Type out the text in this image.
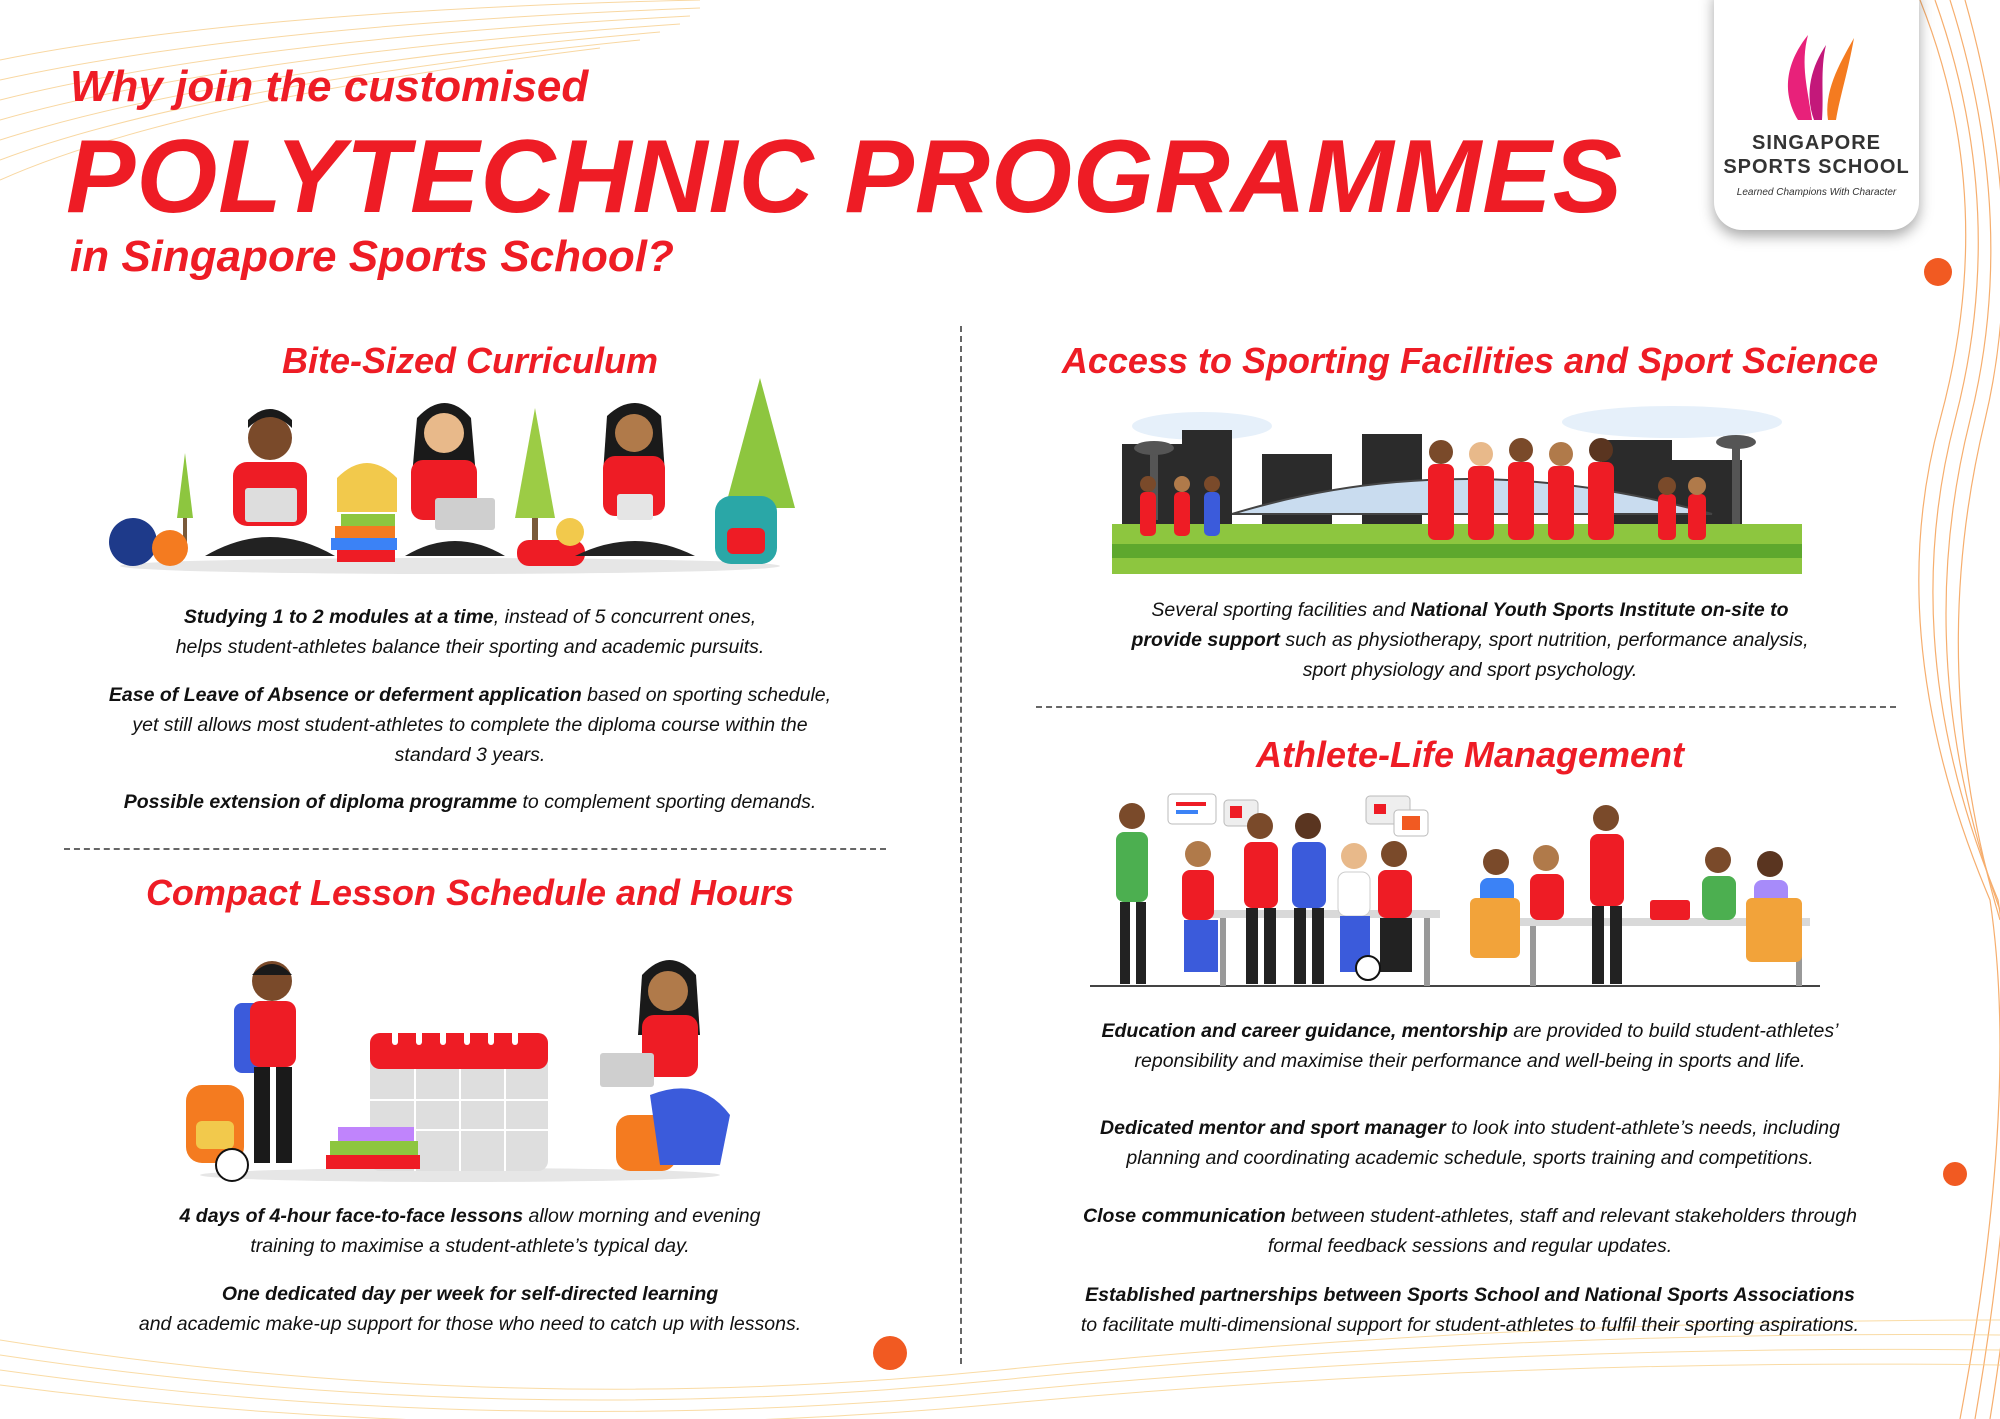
Why join the customised
POLYTECHNIC PROGRAMMES
in Singapore Sports School?

SINGAPORE

SPORTS SCHOOL

Learned Champions With Character

Bite-Sized Curriculum

Studying 1 to 2 modules at a time, instead of 5 concurrent ones,
helps student-athletes balance their sporting and academic pursuits.

Ease of Leave of Absence or deferment application based on sporting schedule,
yet still allows most student-athletes to complete the diploma course within the
standard 3 years.

Possible extension of diploma programme to complement sporting demands.

Compact Lesson Schedule and Hours

4 days of 4-hour face-to-face lessons allow morning and evening
training to maximise a student-athlete’s typical day.

One dedicated day per week for self-directed learning
and academic make-up support for those who need to catch up with lessons.

Access to Sporting Facilities and Sport Science

Several sporting facilities and National Youth Sports Institute on-site to
provide support such as physiotherapy, sport nutrition, performance analysis,
sport physiology and sport psychology.

Athlete-Life Management

Education and career guidance, mentorship are provided to build student-athletes’
reponsibility and maximise their performance and well-being in sports and life.

Dedicated mentor and sport manager to look into student-athlete’s needs, including
planning and coordinating academic schedule, sports training and competitions.

Close communication between student-athletes, staff and relevant stakeholders through
formal feedback sessions and regular updates.

Established partnerships between Sports School and National Sports Associations
to facilitate multi-dimensional support for student-athletes to fulfil their sporting aspirations.
